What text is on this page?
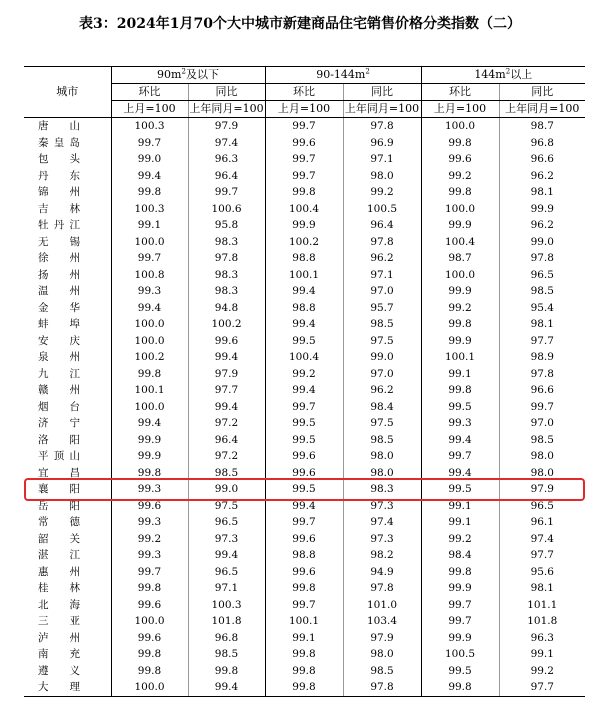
表3：2024年1月70个大中城市新建商品住宅销售价格分类指数（二）
城市	$90m^2$及以下		$90-144m^2$		$144m^2$以上	
	环比	同比	环比	同比	环比	同比
	上月=100	上年同月=100	上月=100	上年同月=100	上月=100	上年同月=100
唐山	100.3	97.9	99.7	97.8	100.0	98.7
秦皇岛	99.7	97.4	99.6	96.9	99.8	96.8
包头	99.0	96.3	99.7	97.1	99.6	96.6
丹东	99.4	96.4	99.7	98.0	99.2	96.2
锦州	99.8	99.7	99.8	99.2	99.8	98.1
吉林	100.3	100.6	100.4	100.5	100.0	99.9
牡丹江	99.1	95.8	99.9	96.4	99.9	96.2
无锡	100.0	98.3	100.2	97.8	100.4	99.0
徐州	99.7	97.8	98.8	96.2	98.7	97.8
扬州	100.8	98.3	100.1	97.1	100.0	96.5
温州	99.3	98.3	99.4	97.0	99.9	98.5
金华	99.4	94.8	98.8	95.7	99.2	95.4
蚌埠	100.0	100.2	99.4	98.5	99.8	98.1
安庆	100.0	99.6	99.5	97.5	99.9	97.7
泉州	100.2	99.4	100.4	99.0	100.1	98.9
九江	99.8	97.9	99.2	97.0	99.1	97.8
赣州	100.1	97.7	99.4	96.2	99.8	96.6
烟台	100.0	99.4	99.7	98.4	99.5	99.7
济宁	99.4	97.2	99.5	97.5	99.3	97.0
洛阳	99.9	96.4	99.5	98.5	99.4	98.5
平顶山	99.9	97.2	99.6	98.0	99.7	98.0
宜昌	99.8	98.5	99.6	98.0	99.4	98.0
襄阳	99.3	99.0	99.5	98.3	99.5	97.9
岳阳	99.6	97.5	99.4	97.3	99.1	96.5
常德	99.3	96.5	99.7	97.4	99.1	96.1
韶关	99.2	97.3	99.6	97.3	99.2	97.4
湛江	99.3	99.4	98.8	98.2	98.4	97.7
惠州	99.7	96.5	99.6	94.9	99.8	95.6
桂林	99.8	97.1	99.8	97.8	99.9	98.1
北海	99.6	100.3	99.7	101.0	99.7	101.1
三亚	100.0	101.8	100.1	103.4	99.7	101.8
泸州	99.6	96.8	99.1	97.9	99.9	96.3
南充	99.8	98.5	99.8	98.0	100.5	99.1
遵义	99.8	99.8	99.8	98.5	99.5	99.2
大理	100.0	99.4	99.8	97.8	99.8	97.7
